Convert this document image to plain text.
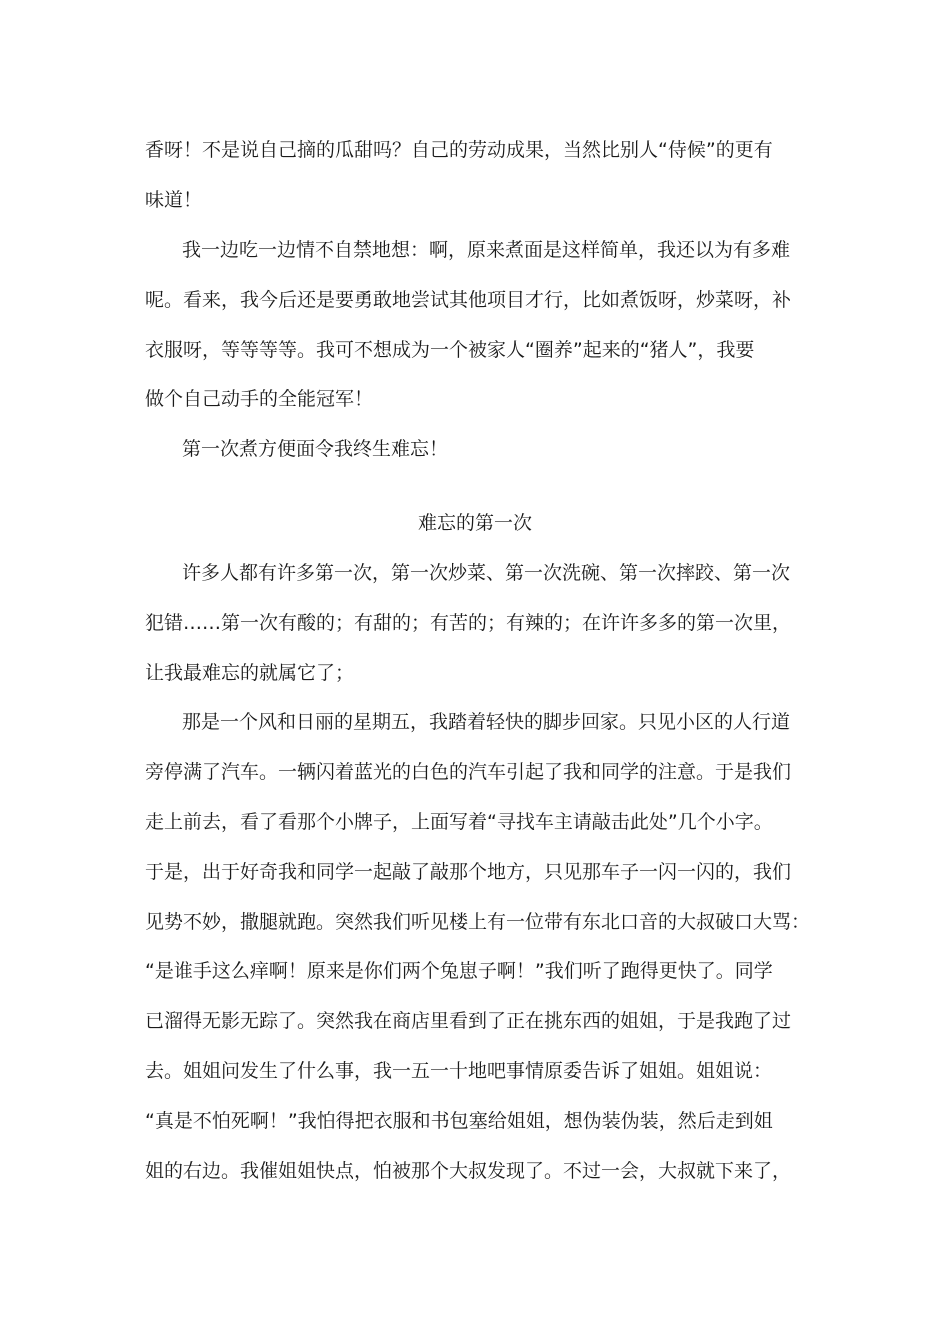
香呀！不是说自己摘的瓜甜吗？自己的劳动成果，当然比别人“侍候”的更有
味道！
我一边吃一边情不自禁地想：啊，原来煮面是这样简单，我还以为有多难
呢。看来，我今后还是要勇敢地尝试其他项目才行，比如煮饭呀，炒菜呀，补
衣服呀，等等等等。我可不想成为一个被家人“圈养”起来的“猪人”，我要
做个自己动手的全能冠军！
第一次煮方便面令我终生难忘！
难忘的第一次
许多人都有许多第一次，第一次炒菜、第一次洗碗、第一次摔跤、第一次
犯错……第一次有酸的；有甜的；有苦的；有辣的；在许许多多的第一次里，
让我最难忘的就属它了；
那是一个风和日丽的星期五，我踏着轻快的脚步回家。只见小区的人行道
旁停满了汽车。一辆闪着蓝光的白色的汽车引起了我和同学的注意。于是我们
走上前去，看了看那个小牌子，上面写着“寻找车主请敲击此处”几个小字。
于是，出于好奇我和同学一起敲了敲那个地方，只见那车子一闪一闪的，我们
见势不妙，撒腿就跑。突然我们听见楼上有一位带有东北口音的大叔破口大骂：
“是谁手这么痒啊！原来是你们两个兔崽子啊！”我们听了跑得更快了。同学
已溜得无影无踪了。突然我在商店里看到了正在挑东西的姐姐，于是我跑了过
去。姐姐问发生了什么事，我一五一十地吧事情原委告诉了姐姐。姐姐说：
“真是不怕死啊！”我怕得把衣服和书包塞给姐姐，想伪装伪装，然后走到姐
姐的右边。我催姐姐快点，怕被那个大叔发现了。不过一会，大叔就下来了，
